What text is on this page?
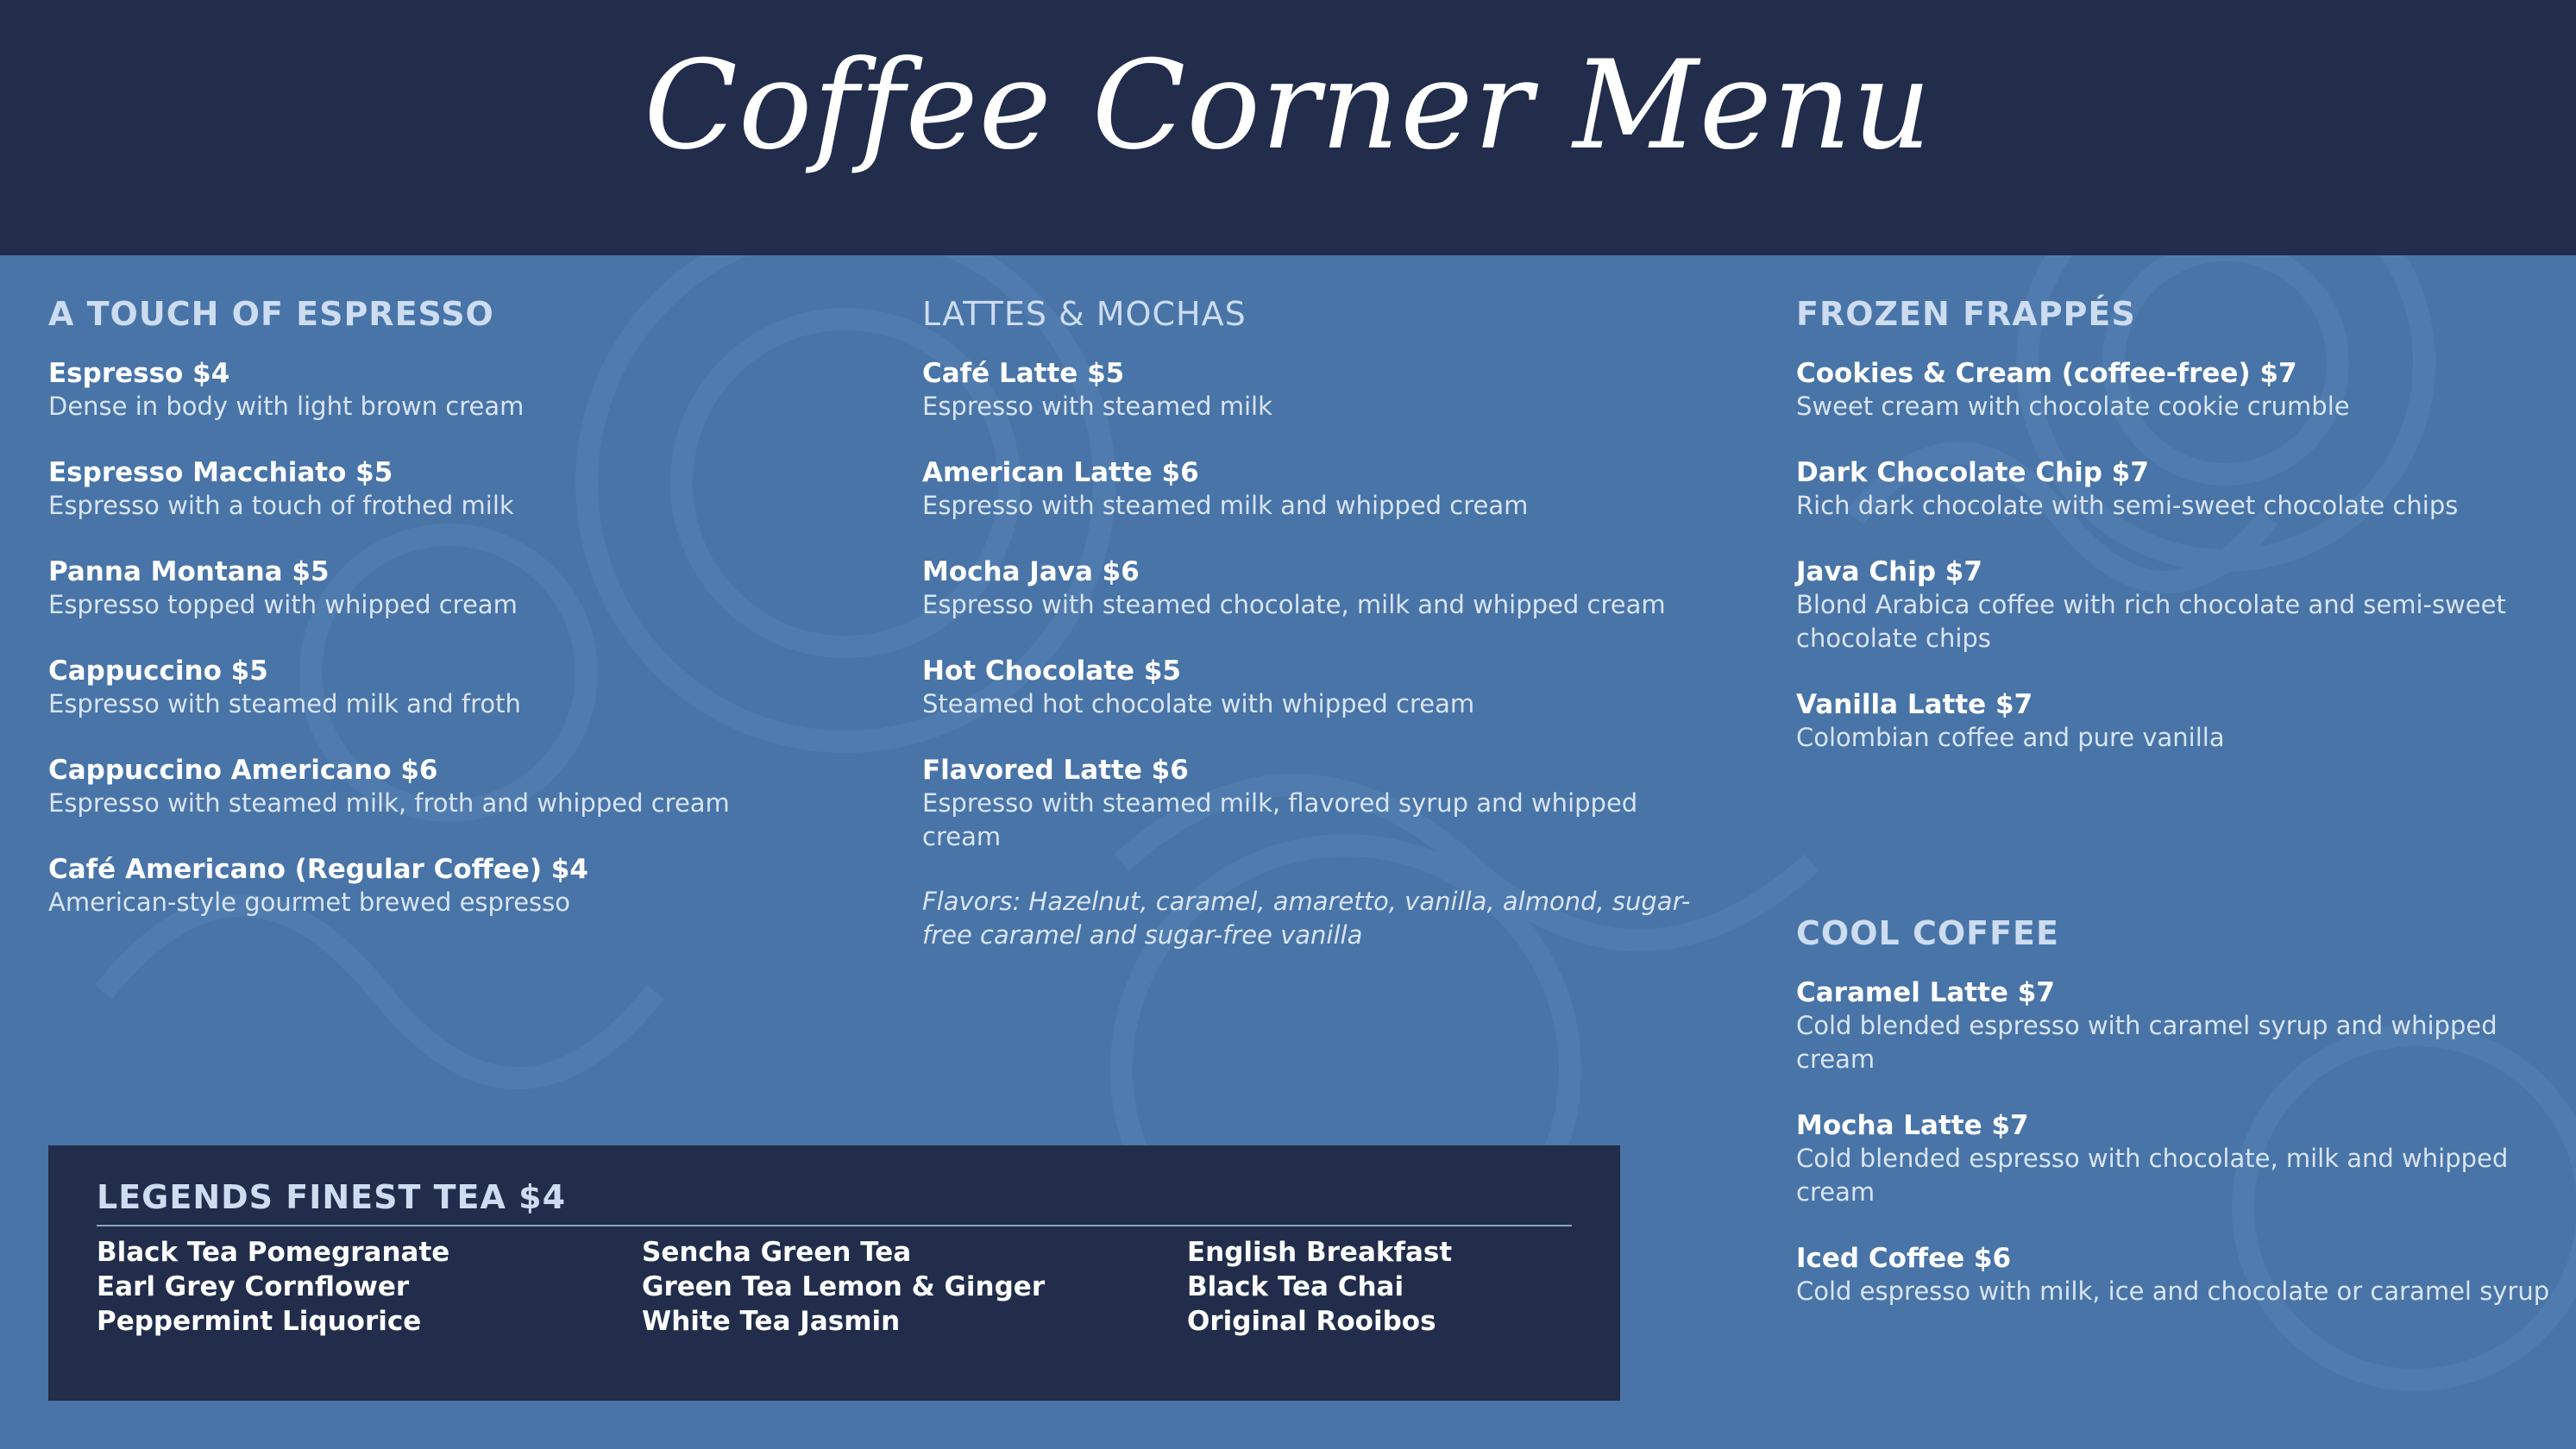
Coffee Corner Menu
A TOUCH OF ESPRESSO
Espresso $4
Dense in body with light brown cream
Espresso Macchiato $5
Espresso with a touch of frothed milk
Panna Montana $5
Espresso topped with whipped cream
Cappuccino $5
Espresso with steamed milk and froth
Cappuccino Americano $6
Espresso with steamed milk, froth and whipped cream
Café Americano (Regular Coffee) $4
American-style gourmet brewed espresso
LATTES & MOCHAS
Café Latte $5
Espresso with steamed milk
American Latte $6
Espresso with steamed milk and whipped cream
Mocha Java $6
Espresso with steamed chocolate, milk and whipped cream
Hot Chocolate $5
Steamed hot chocolate with whipped cream
Flavored Latte $6
Espresso with steamed milk, flavored syrup and whipped cream
Flavors: Hazelnut, caramel, amaretto, vanilla, almond, sugar-free caramel and sugar-free vanilla
FROZEN FRAPPÉS
Cookies & Cream (coffee-free) $7
Sweet cream with chocolate cookie crumble
Dark Chocolate Chip $7
Rich dark chocolate with semi-sweet chocolate chips
Java Chip $7
Blond Arabica coffee with rich chocolate and semi-sweet chocolate chips
Vanilla Latte $7
Colombian coffee and pure vanilla
COOL COFFEE
Caramel Latte $7
Cold blended espresso with caramel syrup and whipped cream
Mocha Latte $7
Cold blended espresso with chocolate, milk and whipped cream
Iced Coffee $6
Cold espresso with milk, ice and chocolate or caramel syrup
LEGENDS FINEST TEA $4
Black Tea Pomegranate
Earl Grey Cornflower
Peppermint Liquorice
Sencha Green Tea
Green Tea Lemon & Ginger
White Tea Jasmin
English Breakfast
Black Tea Chai
Original Rooibos
